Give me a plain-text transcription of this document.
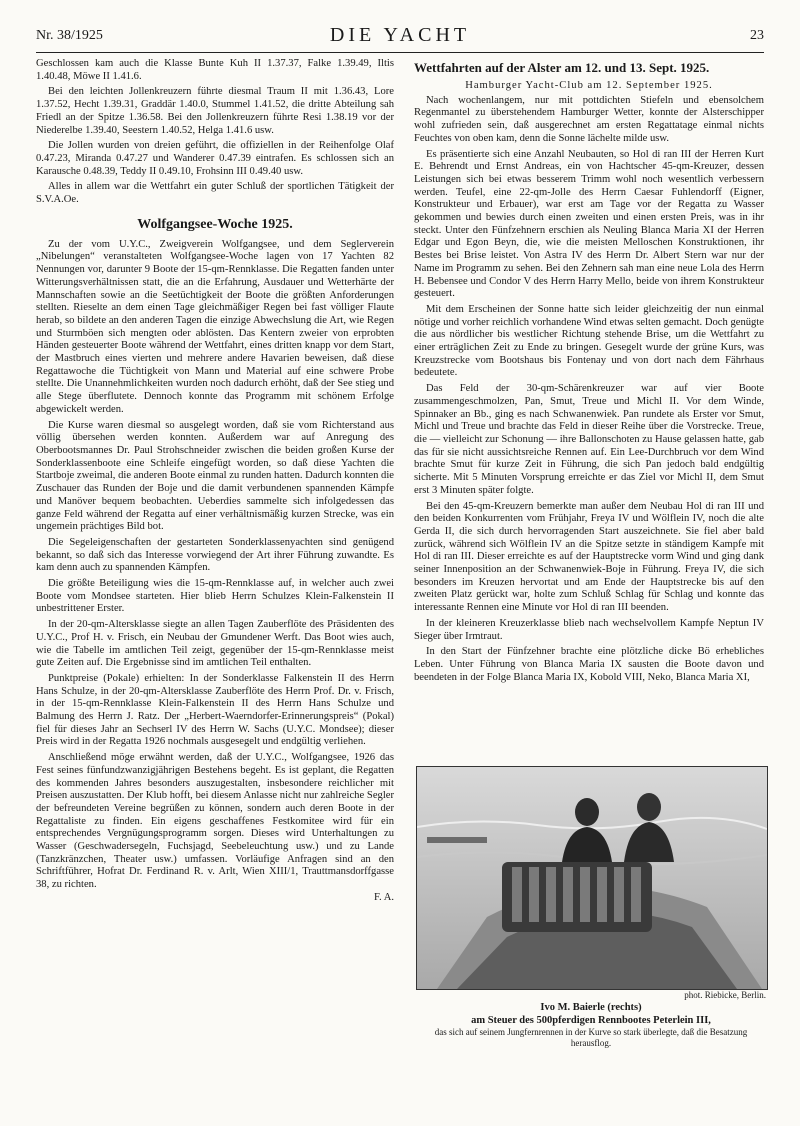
Nr. 38/1925	DIE YACHT	23

Geschlossen kam auch die Klasse Bunte Kuh II 1.37.37, Falke 1.39.49, Iltis 1.40.48, Möwe II 1.41.6.

Bei den leichten Jollenkreuzern führte diesmal Traum II mit 1.36.43, Lore 1.37.52, Hecht 1.39.31, Graddär 1.40.0, Stummel 1.41.52, die dritte Abteilung sah Friedl an der Spitze 1.36.58. Bei den Jollenkreuzern führte Resi 1.38.19 vor der Niederelbe 1.39.40, Seestern 1.40.52, Helga 1.41.6 usw.

Die Jollen wurden von dreien geführt, die offiziellen in der Reihenfolge Olaf 0.47.23, Miranda 0.47.27 und Wanderer 0.47.39 eintrafen. Es schlossen sich an Karausche 0.48.39, Teddy II 0.49.10, Frohsinn III 0.49.40 usw.

Alles in allem war die Wettfahrt ein guter Schluß der sportlichen Tätigkeit der S.V.A.Oe.

Wolfgangsee-Woche 1925.

Zu der vom U.Y.C., Zweigverein Wolfgangsee, und dem Seglerverein „Nibelungen“ veranstalteten Wolfgangsee-Woche lagen von 17 Yachten 82 Nennungen vor, darunter 9 Boote der 15-qm-Rennklasse. Die Regatten fanden unter Witterungsverhältnissen statt, die an die Erfahrung, Ausdauer und Wetterhärte der Mannschaften sowie an die Seetüchtigkeit der Boote die größten Anforderungen stellten. Rieselte an dem einen Tage gleichmäßiger Regen bei fast völliger Flaute herab, so bildete an den anderen Tagen die einzige Abwechslung die Art, wie Regen und Sturmböen sich mengten oder ablösten. Das Kentern zweier von erprobten Händen gesteuerter Boote während der Wettfahrt, eines dritten knapp vor dem Start, der Mastbruch eines vierten und mehrere andere Havarien beweisen, daß diese Regattawoche die Tüchtigkeit von Mann und Material auf eine schwere Probe stellte. Die Unannehmlichkeiten wurden noch dadurch erhöht, daß der See stieg und alle Stege überflutete. Dennoch konnte das Programm mit schönem Erfolge abgewickelt werden.

Die Kurse waren diesmal so ausgelegt worden, daß sie vom Richterstand aus völlig übersehen werden konnten. Außerdem war auf Anregung des Oberbootsmannes Dr. Paul Strohschneider zwischen die beiden großen Kurse der Sonderklassenboote eine Schleife eingefügt worden, so daß diese Yachten die Startboje zweimal, die anderen Boote einmal zu runden hatten. Dadurch konnten die Zuschauer das Runden der Boje und die damit verbundenen spannenden Kämpfe und Manöver bequem beobachten. Ueberdies sammelte sich infolgedessen das ganze Feld während der Regatta auf einer verhältnismäßig kurzen Strecke, was ein ungemein prächtiges Bild bot.

Die Segeleigenschaften der gestarteten Sonderklassenyachten sind genügend bekannt, so daß sich das Interesse vorwiegend der Art ihrer Führung zuwandte. Es kam denn auch zu spannenden Kämpfen.

Die größte Beteiligung wies die 15-qm-Rennklasse auf, in welcher auch zwei Boote vom Mondsee starteten. Hier blieb Herrn Schulzes Klein-Falkenstein II unbestrittener Erster.

In der 20-qm-Altersklasse siegte an allen Tagen Zauberflöte des Präsidenten des U.Y.C., Prof H. v. Frisch, ein Neubau der Gmundener Werft. Das Boot wies auch, wie die Tabelle im amtlichen Teil zeigt, gegenüber der 15-qm-Rennklasse meist gute Zeiten auf. Die Ergebnisse sind im amtlichen Teil enthalten.

Punktpreise (Pokale) erhielten: In der Sonderklasse Falkenstein II des Herrn Hans Schulze, in der 20-qm-Altersklasse Zauberflöte des Herrn Prof. Dr. v. Frisch, in der 15-qm-Rennklasse Klein-Falkenstein II des Herrn Hans Schulze und Balmung des Herrn J. Ratz. Der „Herbert-Waerndorfer-Erinnerungspreis“ (Pokal) fiel für dieses Jahr an Sechserl IV des Herrn W. Sachs (U.Y.C. Mondsee); dieser Preis wird in der Regatta 1926 nochmals ausgesegelt und endgültig verliehen.

Anschließend möge erwähnt werden, daß der U.Y.C., Wolfgangsee, 1926 das Fest seines fünfundzwanzigjährigen Bestehens begeht. Es ist geplant, die Regatten des kommenden Jahres besonders auszugestalten, insbesondere reichlicher mit Preisen auszustatten. Der Klub hofft, bei diesem Anlasse nicht nur zahlreiche Segler der befreundeten Vereine begrüßen zu können, sondern auch deren Boote in der Regattaliste zu finden. Ein eigens geschaffenes Festkomitee wird für ein entsprechendes Vergnügungsprogramm sorgen. Dieses wird Unterhaltungen zu Wasser (Geschwadersegeln, Fuchsjagd, Seebeleuchtung usw.) und zu Lande (Tanzkränzchen, Theater usw.) umfassen. Vorläufige Anfragen sind an den Schriftführer, Hofrat Dr. Ferdinand R. v. Arlt, Wien XIII/1, Trauttmansdorffgasse 38, zu richten.

F. A.
Wettfahrten auf der Alster am 12. und 13. Sept. 1925.
Hamburger Yacht-Club am 12. September 1925.

Nach wochenlangem, nur mit pottdichten Stiefeln und ebensolchem Regenmantel zu überstehendem Hamburger Wetter, konnte der Alsterschipper wohl zufrieden sein, daß ausgerechnet am ersten Regattatage einmal nichts Feuchtes von oben kam, denn die Sonne lächelte milde usw.

Es präsentierte sich eine Anzahl Neubauten, so Hol di ran III der Herren Kurt E. Behrendt und Ernst Andreas, ein von Hachtscher 45-qm-Kreuzer, dessen Leistungen sich bei etwas besserem Trimm wohl noch wesentlich verbessern werden. Teufel, eine 22-qm-Jolle des Herrn Caesar Fuhlendorff (Eigner, Konstrukteur und Erbauer), war erst am Tage vor der Regatta zu Wasser gekommen und bewies durch einen zweiten und einen ersten Preis, was in ihr steckt. Unter den Fünfzehnern erschien als Neuling Blanca Maria XI der Herren Edgar und Egon Beyn, die, wie die meisten Melloschen Konstruktionen, ihr Bestes bei Brise leistet. Von Astra IV des Herrn Dr. Albert Stern war nur der Name im Programm zu sehen. Bei den Zehnern sah man eine neue Lola des Herrn H. Bebensee und Condor V des Herrn Harry Mello, beide von ihrem Konstrukteur gesteuert.

Mit dem Erscheinen der Sonne hatte sich leider gleichzeitig der nun einmal nötige und vorher reichlich vorhandene Wind etwas selten gemacht. Doch genügte die aus nördlicher bis westlicher Richtung stehende Brise, um die Wettfahrt zu einer erträglichen Zeit zu Ende zu bringen. Gesegelt wurde der grüne Kurs, was Kreuzstrecke vom Bootshaus bis Fontenay und von dort nach dem Fährhaus bedeutete.

Das Feld der 30-qm-Schärenkreuzer war auf vier Boote zusammengeschmolzen, Pan, Smut, Treue und Michl II. Vor dem Winde, Spinnaker an Bb., ging es nach Schwanenwiek. Pan rundete als Erster vor Smut, Michl und Treue und brachte das Feld in dieser Reihe über die Vorstrecke. Treue, die — vielleicht zur Schonung — ihre Ballonschoten zu Hause gelassen hatte, gab das für sie nicht aussichtsreiche Rennen auf. Ein Lee-Durchbruch vor dem Wind brachte Smut für kurze Zeit in Führung, die sich Pan jedoch bald endgültig sicherte. Mit 5 Minuten Vorsprung erreichte er das Ziel vor Michl II, dem Smut erst 3 Minuten später folgte.

Bei den 45-qm-Kreuzern bemerkte man außer dem Neubau Hol di ran III und den beiden Konkurrenten vom Frühjahr, Freya IV und Wölflein IV, noch die alte Gerda II, die sich durch hervorragenden Start auszeichnete. Sie fiel aber bald zurück, während sich Wölflein IV an die Spitze setzte in ständigem Kampfe mit Hol di ran III. Dieser erreichte es auf der Hauptstrecke vorm Wind und ging dank seiner Innenposition an der Schwanenwiek-Boje in Führung. Freya IV, die sich besonders im Kreuzen hervortat und am Ende der Hauptstrecke bis auf den zweiten Platz gerückt war, holte zum Schluß Schlag für Schlag und konnte das interessante Rennen eine Minute vor Hol di ran III beenden.

In der kleineren Kreuzerklasse blieb nach wechselvollem Kampfe Neptun IV Sieger über Irmtraut.

In den Start der Fünfzehner brachte eine plötzliche dicke Bö erhebliches Leben. Unter Führung von Blanca Maria IX sausten die Boote davon und beendeten in der Folge Blanca Maria IX, Kobold VIII, Neko, Blanca Maria XI,

phot. Riebicke, Berlin.
Ivo M. Baierle (rechts)
am Steuer des 500pferdigen Rennbootes Peterlein III,
das sich auf seinem Jungfernrennen in der Kurve so stark überlegte, daß die Besatzung herausflog.
